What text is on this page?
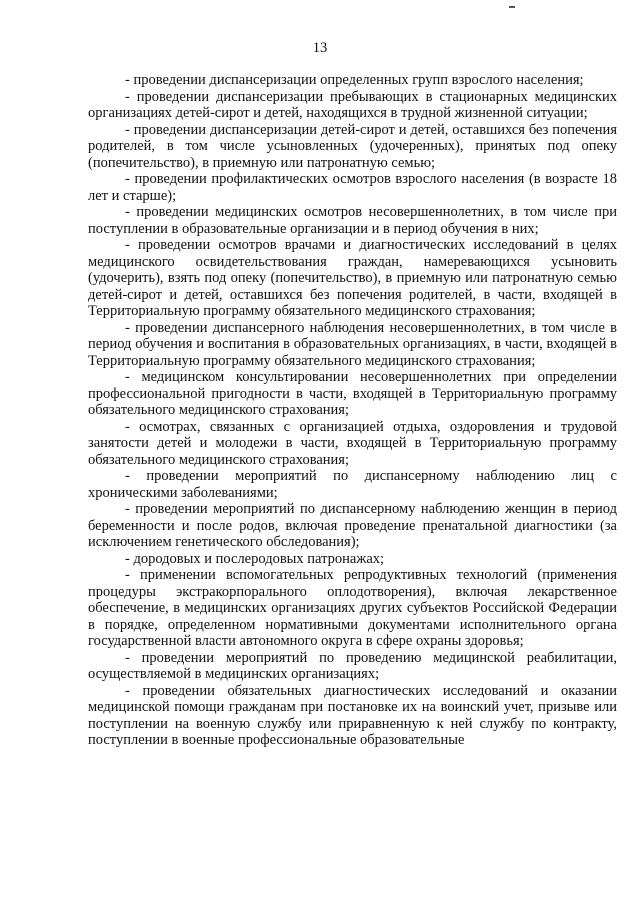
13

- проведении диспансеризации определенных групп взрослого населения;

- проведении диспансеризации пребывающих в стационарных медицинских организациях детей-сирот и детей, находящихся в трудной жизненной ситуации;

- проведении диспансеризации детей-сирот и детей, оставшихся без попечения родителей, в том числе усыновленных (удочеренных), принятых под опеку (попечительство), в приемную или патронатную семью;

- проведении профилактических осмотров взрослого населения (в возрасте 18 лет и старше);

- проведении медицинских осмотров несовершеннолетних, в том числе при поступлении в образовательные организации и в период обучения в них;

- проведении осмотров врачами и диагностических исследований в целях медицинского освидетельствования граждан, намеревающихся усыновить (удочерить), взять под опеку (попечительство), в приемную или патронатную семью детей-сирот и детей, оставшихся без попечения родителей, в части, входящей в Территориальную программу обязательного медицинского страхования;

- проведении диспансерного наблюдения несовершеннолетних, в том числе в период обучения и воспитания в образовательных организациях, в части, входящей в Территориальную программу обязательного медицинского страхования;

- медицинском консультировании несовершеннолетних при определении профессиональной пригодности в части, входящей в Территориальную программу обязательного медицинского страхования;

- осмотрах, связанных с организацией отдыха, оздоровления и трудовой занятости детей и молодежи в части, входящей в Территориальную программу обязательного медицинского страхования;

- проведении мероприятий по диспансерному наблюдению лиц с хроническими заболеваниями;

- проведении мероприятий по диспансерному наблюдению женщин в период беременности и после родов, включая проведение пренатальной диагностики (за исключением генетического обследования);

- дородовых и послеродовых патронажах;

- применении вспомогательных репродуктивных технологий (применения процедуры экстракорпорального оплодотворения), включая лекарственное обеспечение, в медицинских организациях других субъектов Российской Федерации в порядке, определенном нормативными документами исполнительного органа государственной власти автономного округа в сфере охраны здоровья;

- проведении мероприятий по проведению медицинской реабилитации, осуществляемой в медицинских организациях;

- проведении обязательных диагностических исследований и оказании медицинской помощи гражданам при постановке их на воинский учет, призыве или поступлении на военную службу или приравненную к ней службу по контракту, поступлении в военные профессиональные образовательные
